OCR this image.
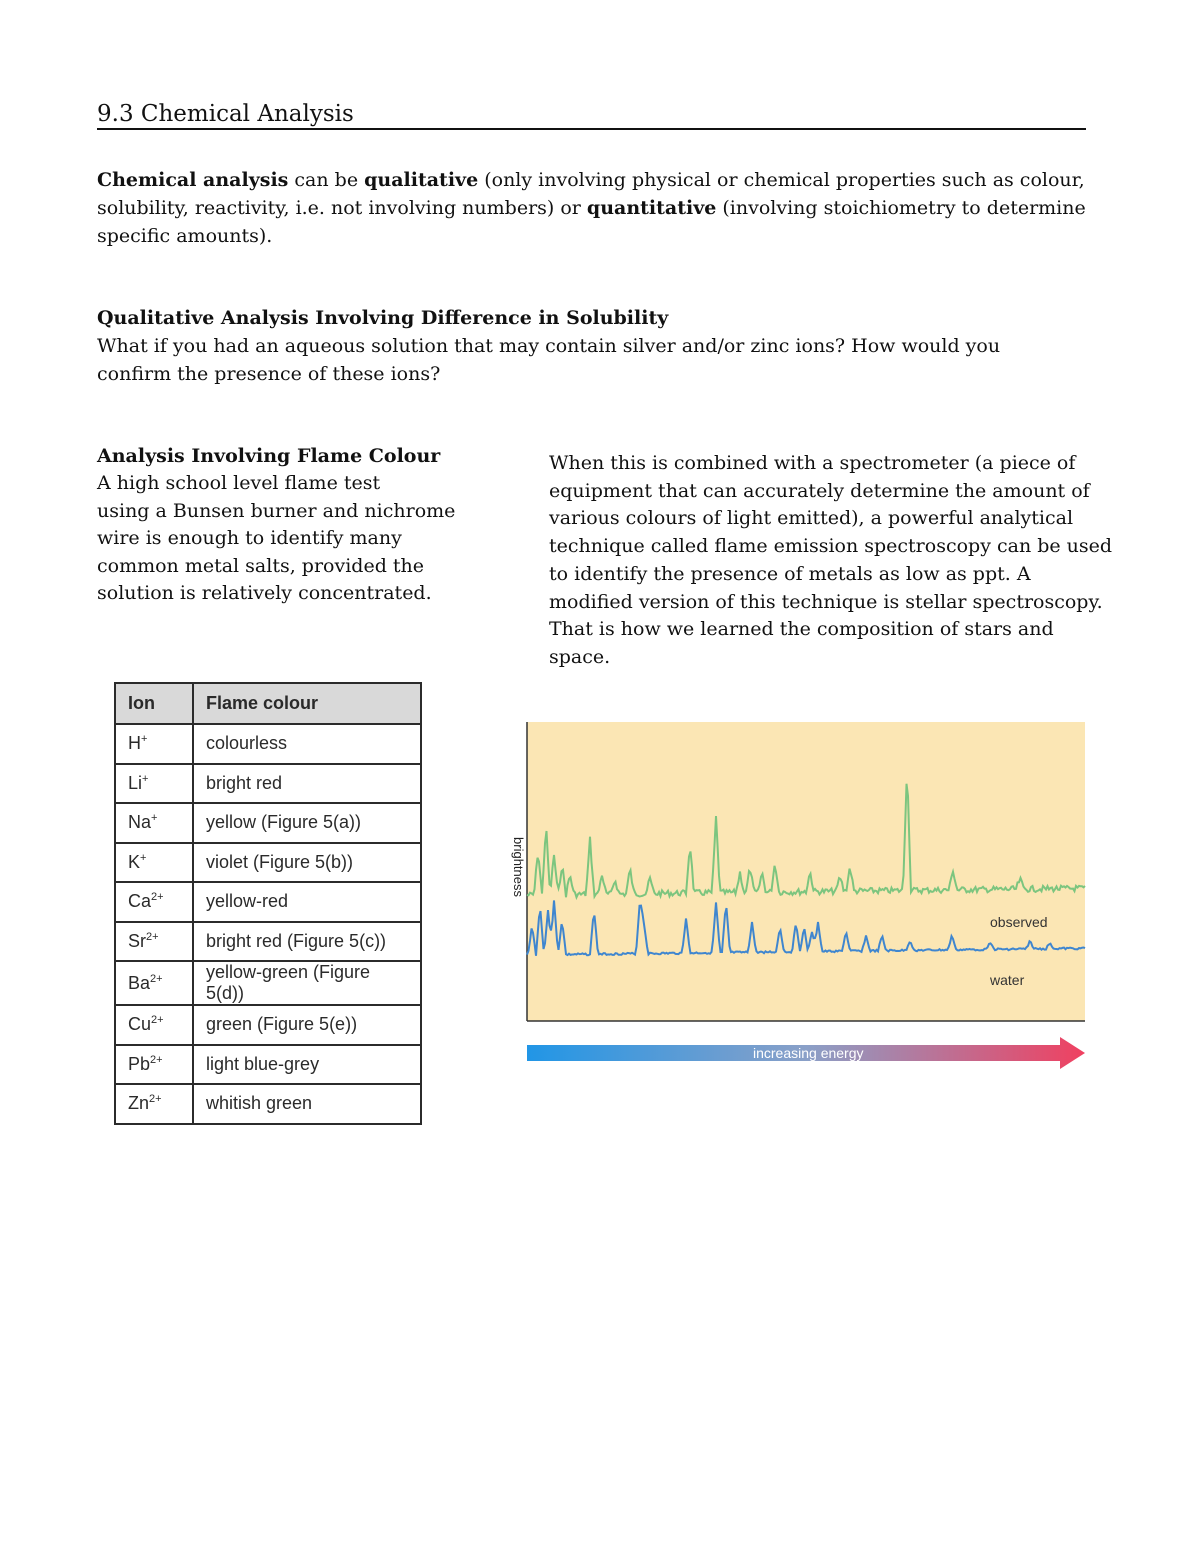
9.3 Chemical Analysis

Chemical analysis can be qualitative (only involving physical or chemical properties such as colour, solubility, reactivity, i.e. not involving numbers) or quantitative (involving stoichiometry to determine specific amounts).

Qualitative Analysis Involving Difference in Solubility

What if you had an aqueous solution that may contain silver and/or zinc ions? How would you confirm the presence of these ions?

Analysis Involving Flame Colour

A high school level flame test
using a Bunsen burner and nichrome
wire is enough to identify many
common metal salts, provided the
solution is relatively concentrated.
When this is combined with a spectrometer (a piece of
equipment that can accurately determine the amount of
various colours of light emitted), a powerful analytical
technique called flame emission spectroscopy can be used
to identify the presence of metals as low as ppt. A
modified version of this technique is stellar spectroscopy.
That is how we learned the composition of stars and
space.
Ion	Flame colour
H+	colourless
Li+	bright red
Na+	yellow (Figure 5(a))
K+	violet (Figure 5(b))
$Ca^{2+}$	yellow-red
$Sr^{2+}$	bright red (Figure 5(c))
$Ba^{2+}$	yellow-green (Figure 5(d))
$Cu^{2+}$	green (Figure 5(e))
$Pb^{2+}$	light blue-grey
$Zn^{2+}$	whitish green
brightness
observed
water
increasing energy
